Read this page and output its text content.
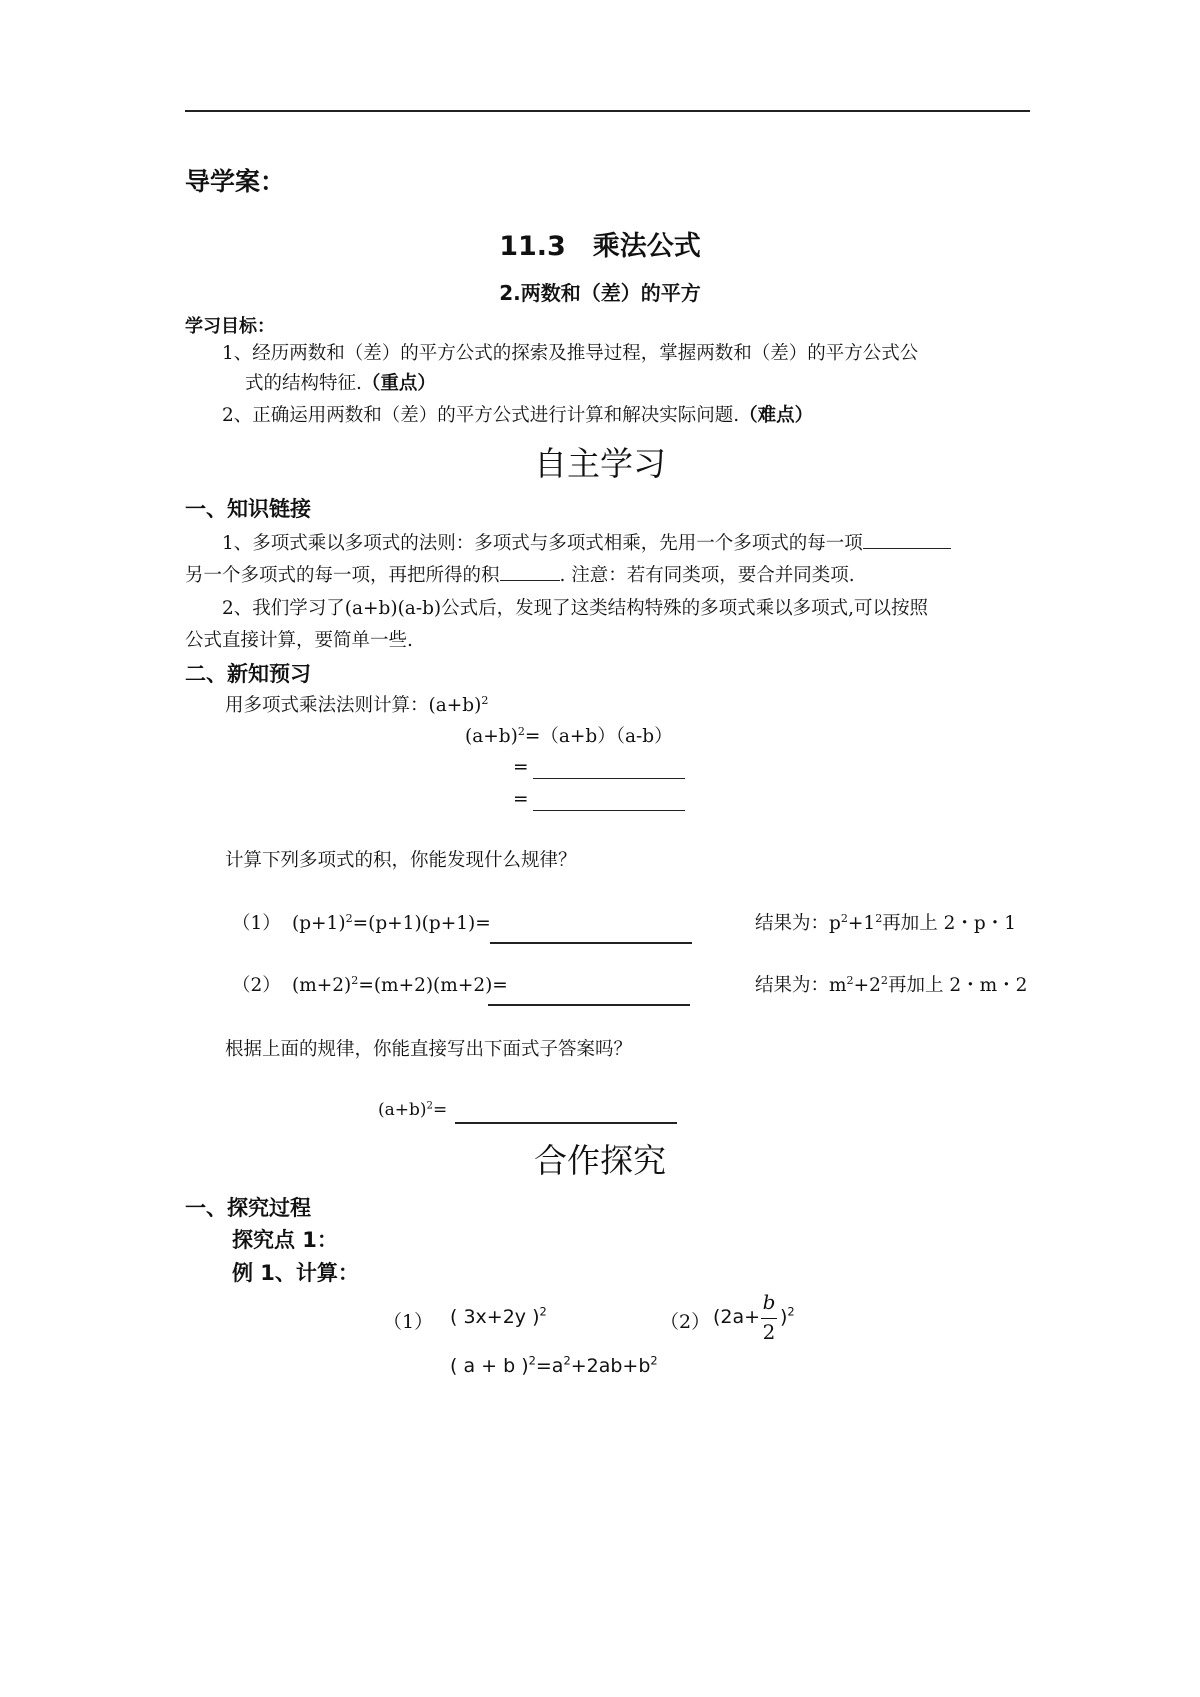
导学案：
11.3　乘法公式
2.两数和（差）的平方
学习目标：
1、经历两数和（差）的平方公式的探索及推导过程，掌握两数和（差）的平方公式公
式的结构特征.（重点）
2、正确运用两数和（差）的平方公式进行计算和解决实际问题.（难点）
自主学习
一、知识链接
1、多项式乘以多项式的法则：多项式与多项式相乘，先用一个多项式的每一项
另一个多项式的每一项，再把所得的积	. 注意：若有同类项，要合并同类项.
2、我们学习了(a+b)(a-b)公式后，发现了这类结构特殊的多项式乘以多项式,可以按照
公式直接计算，要简单一些.
二、新知预习
用多项式乘法法则计算：$(a+b)^2$
$(a+b)^2=(a+b)(a-b)$
=
=
计算下列多项式的积，你能发现什么规律？
（1） $(p+1)^2=(p+1)(p+1)=$	结果为：$p^2+1^2$再加上 2・p・1
（2） $(m+2)^2=(m+2)(m+2)=$	结果为：$m^2+2^2$再加上 2・m・2
根据上面的规律，你能直接写出下面式子答案吗？
$(a+b)^2=$
合作探究
一、探究过程
探究点 1：
例 1、计算：
（1） ( 3x+2y )$^2$	（2） (2a+
b
2
)$^2$
( a + b )$^2=a^2+2ab+b^2$
